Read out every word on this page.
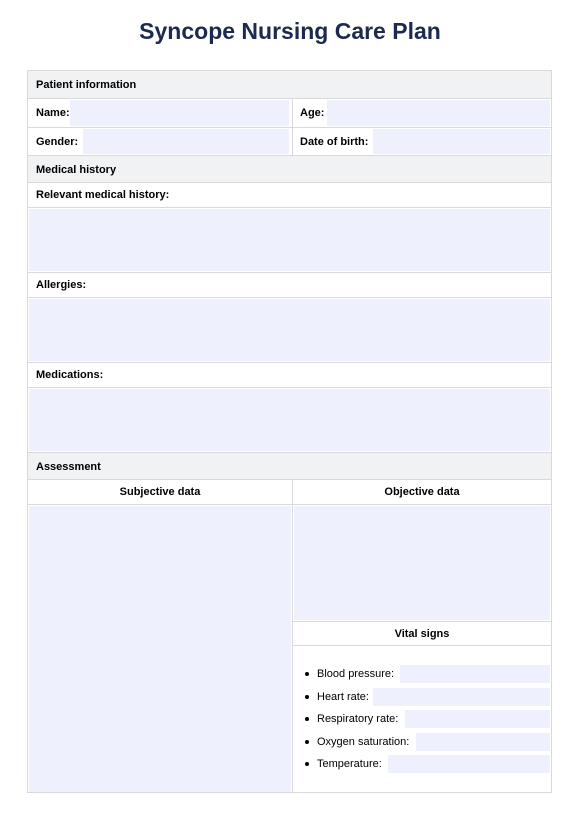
Syncope Nursing Care Plan
Patient information
Name:	Age:
Gender:	Date of birth:
Medical history
Relevant medical history:
Allergies:
Medications:
Assessment
Subjective data	Objective data
Vital signs
Blood pressure:
Heart rate:
Respiratory rate:
Oxygen saturation:
Temperature:
